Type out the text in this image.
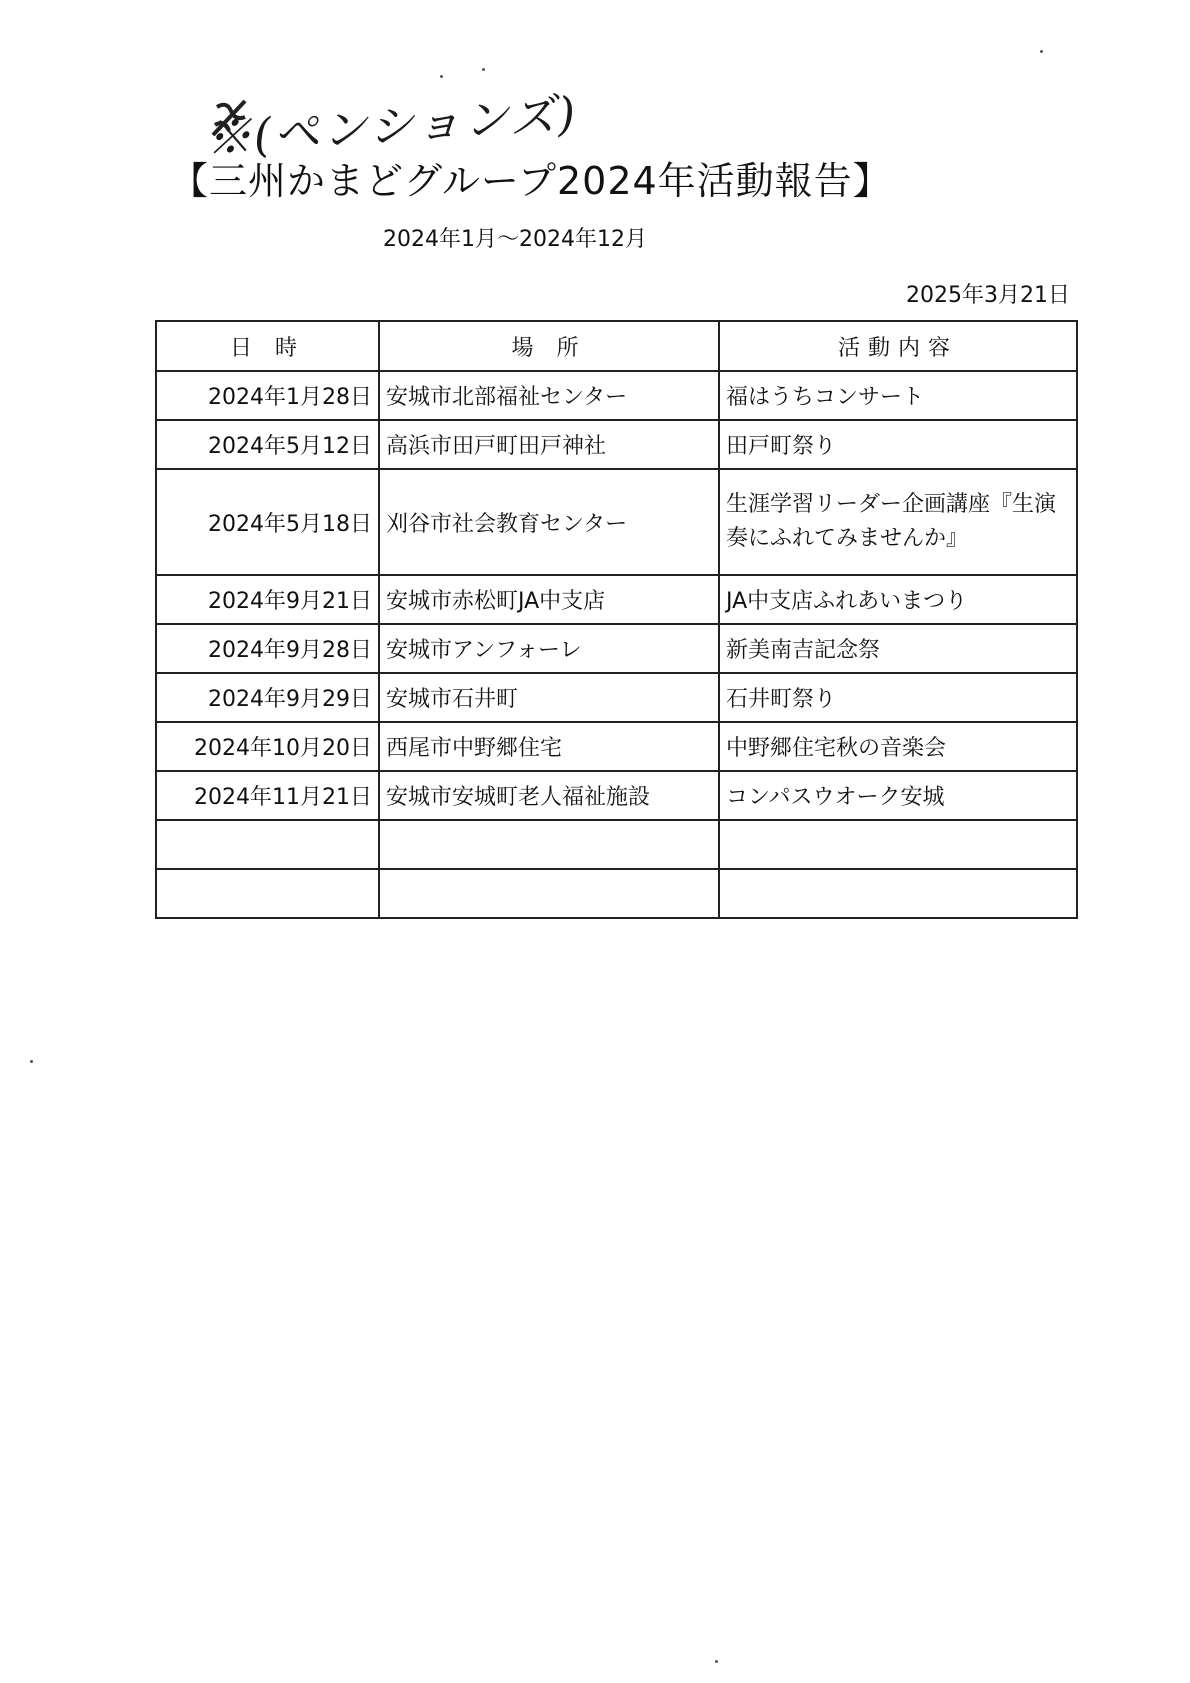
※(ペンションズ)
【三州かまどグループ2024年活動報告】
2024年1月～2024年12月
2025年3月21日
日 時	場 所	活動内容
2024年1月28日	安城市北部福祉センター	福はうちコンサート
2024年5月12日	高浜市田戸町田戸神社	田戸町祭り
2024年5月18日	刈谷市社会教育センター	生涯学習リーダー企画講座『生演奏にふれてみませんか』
2024年9月21日	安城市赤松町JA中支店	JA中支店ふれあいまつり
2024年9月28日	安城市アンフォーレ	新美南吉記念祭
2024年9月29日	安城市石井町	石井町祭り
2024年10月20日	西尾市中野郷住宅	中野郷住宅秋の音楽会
2024年11月21日	安城市安城町老人福祉施設	コンパスウオーク安城
